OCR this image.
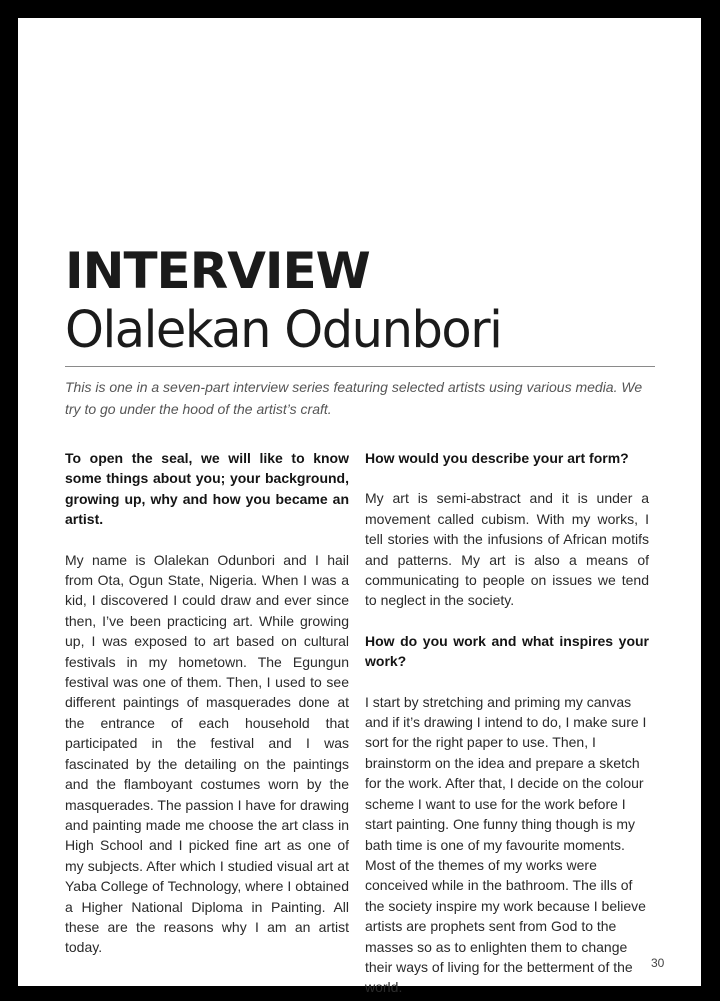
INTERVIEW
Olalekan Odunbori

This is one in a seven-part interview series featuring selected artists using various media. We try to go under the hood of the artist’s craft.

To open the seal, we will like to know some things about you; your background, growing up, why and how you became an artist.

My name is Olalekan Odunbori and I hail from Ota, Ogun State, Nigeria. When I was a kid, I discovered I could draw and ever since then, I’ve been practicing art. While growing up, I was exposed to art based on cultural festivals in my hometown. The Egungun festival was one of them. Then, I used to see different paintings of masquerades done at the entrance of each household that participated in the festival and I was fascinated by the detailing on the paintings and the flamboyant costumes worn by the masquerades. The passion I have for drawing and painting made me choose the art class in High School and I picked fine art as one of my subjects. After which I studied visual art at Yaba College of Technology, where I obtained a Higher National Diploma in Painting. All these are the reasons why I am an artist today.

How would you describe your art form?

My art is semi-abstract and it is under a movement called cubism. With my works, I tell stories with the infusions of African motifs and patterns. My art is also a means of communicating to people on issues we tend to neglect in the society.

How do you work and what inspires your work?

I start by stretching and priming my canvas and if it’s drawing I intend to do, I make sure I sort for the right paper to use. Then, I brainstorm on the idea and prepare a sketch for the work. After that, I decide on the colour scheme I want to use for the work before I start painting. One funny thing though is my bath time is one of my favourite moments. Most of the themes of my works were conceived while in the bathroom. The ills of the society inspire my work because I believe artists are prophets sent from God to the masses so as to enlighten them to change their ways of living for the betterment of the world.

30
